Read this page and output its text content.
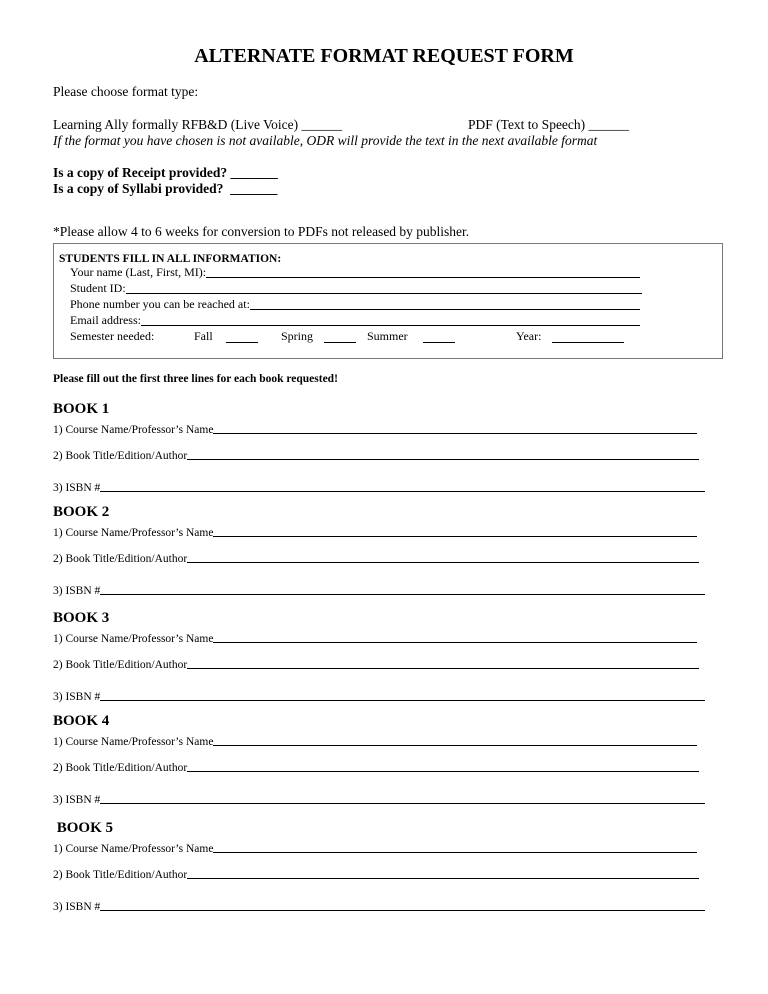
ALTERNATE FORMAT REQUEST FORM
Please choose format type:
Learning Ally formally RFB&D (Live Voice) ______	PDF (Text to Speech) ______
If the format you have chosen is not available, ODR will provide the text in the next available format
Is a copy of Receipt provided? _______
Is a copy of Syllabi provided?  _______
*Please allow 4 to 6 weeks for conversion to PDFs not released by publisher.
STUDENTS FILL IN ALL INFORMATION:
Your name (Last, First, MI):
Student ID:
Phone number you can be reached at:
Email address:
Semester needed:	Fall	Spring	Summer	Year:
Please fill out the first three lines for each book requested!
BOOK 1
1) Course Name/Professor’s Name
2) Book Title/Edition/Author
3) ISBN #
BOOK 2
1) Course Name/Professor’s Name
2) Book Title/Edition/Author
3) ISBN #
BOOK 3
1) Course Name/Professor’s Name
2) Book Title/Edition/Author
3) ISBN #
BOOK 4
1) Course Name/Professor’s Name
2) Book Title/Edition/Author
3) ISBN #
BOOK 5
1) Course Name/Professor’s Name
2) Book Title/Edition/Author
3) ISBN #
